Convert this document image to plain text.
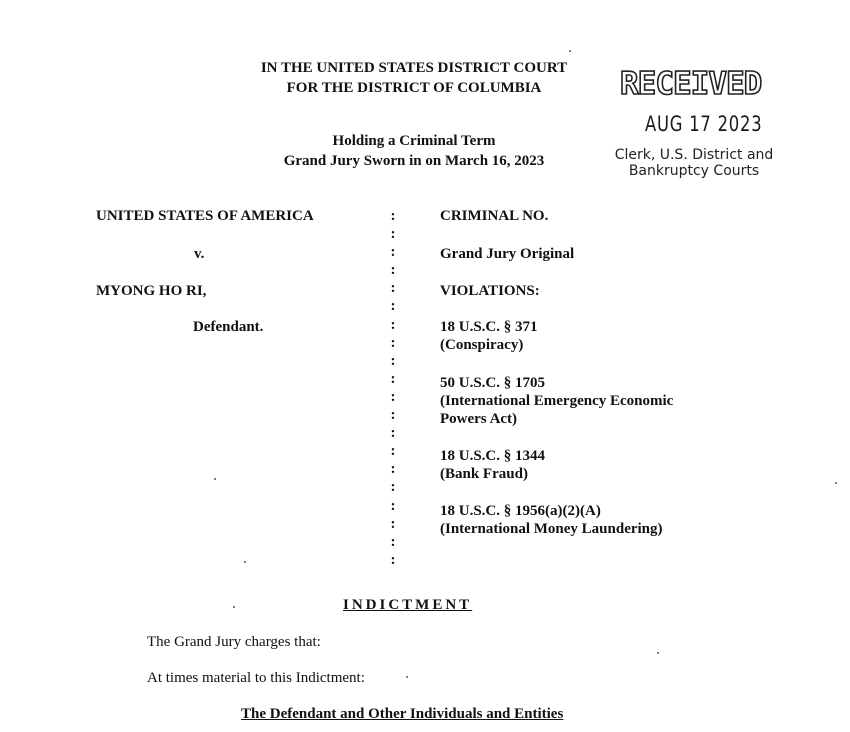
IN THE UNITED STATES DISTRICT COURT
FOR THE DISTRICT OF COLUMBIA
Holding a Criminal Term
Grand Jury Sworn in on March 16, 2023
RECEIVED
AUG 17 2023
Clerk, U.S. District and
Bankruptcy Courts
UNITED STATES OF AMERICA
v.
MYONG HO RI,
Defendant.
:
:
:
:
:
:
:
:
:
:
:
:
:
:
:
:
:
:
:
:
CRIMINAL NO.
Grand Jury Original
VIOLATIONS:
18 U.S.C. § 371
(Conspiracy)
50 U.S.C. § 1705
(International Emergency Economic
Powers Act)
18 U.S.C. § 1344
(Bank Fraud)
18 U.S.C. § 1956(a)(2)(A)
(International Money Laundering)
INDICTMENT
The Grand Jury charges that:
At times material to this Indictment:
The Defendant and Other Individuals and Entities
